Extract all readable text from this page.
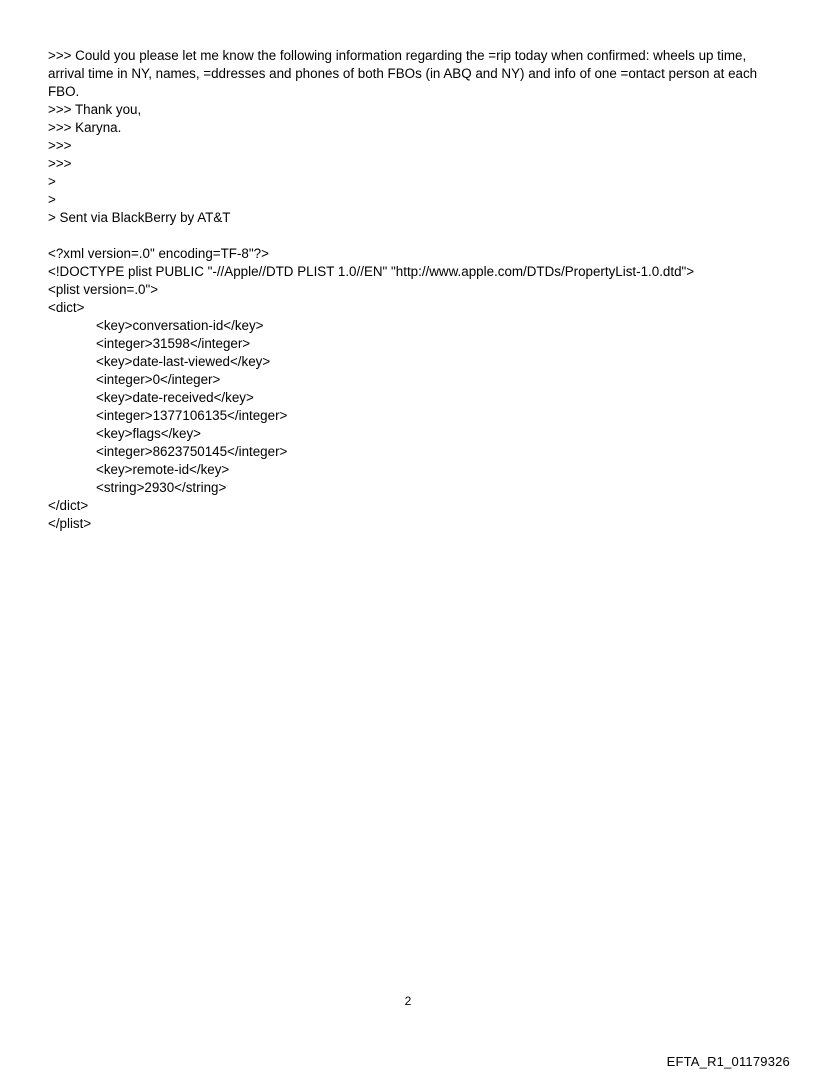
>>> Could you please let me know the following information regarding the =rip today when confirmed: wheels up time, arrival time in NY, names, =ddresses and phones of both FBOs (in ABQ and NY) and info of one =ontact person at each FBO.
>>> Thank you,
>>> Karyna.
>>>
>>>
>
>
> Sent via BlackBerry by AT&T
<?xml version=.0" encoding=TF-8"?>
<!DOCTYPE plist PUBLIC "-//Apple//DTD PLIST 1.0//EN" "http://www.apple.com/DTDs/PropertyList-1.0.dtd">
<plist version=.0">
<dict>
<key>conversation-id</key>
<integer>31598</integer>
<key>date-last-viewed</key>
<integer>0</integer>
<key>date-received</key>
<integer>1377106135</integer>
<key>flags</key>
<integer>8623750145</integer>
<key>remote-id</key>
<string>2930</string>
</dict>
</plist>
2
EFTA_R1_01179326
